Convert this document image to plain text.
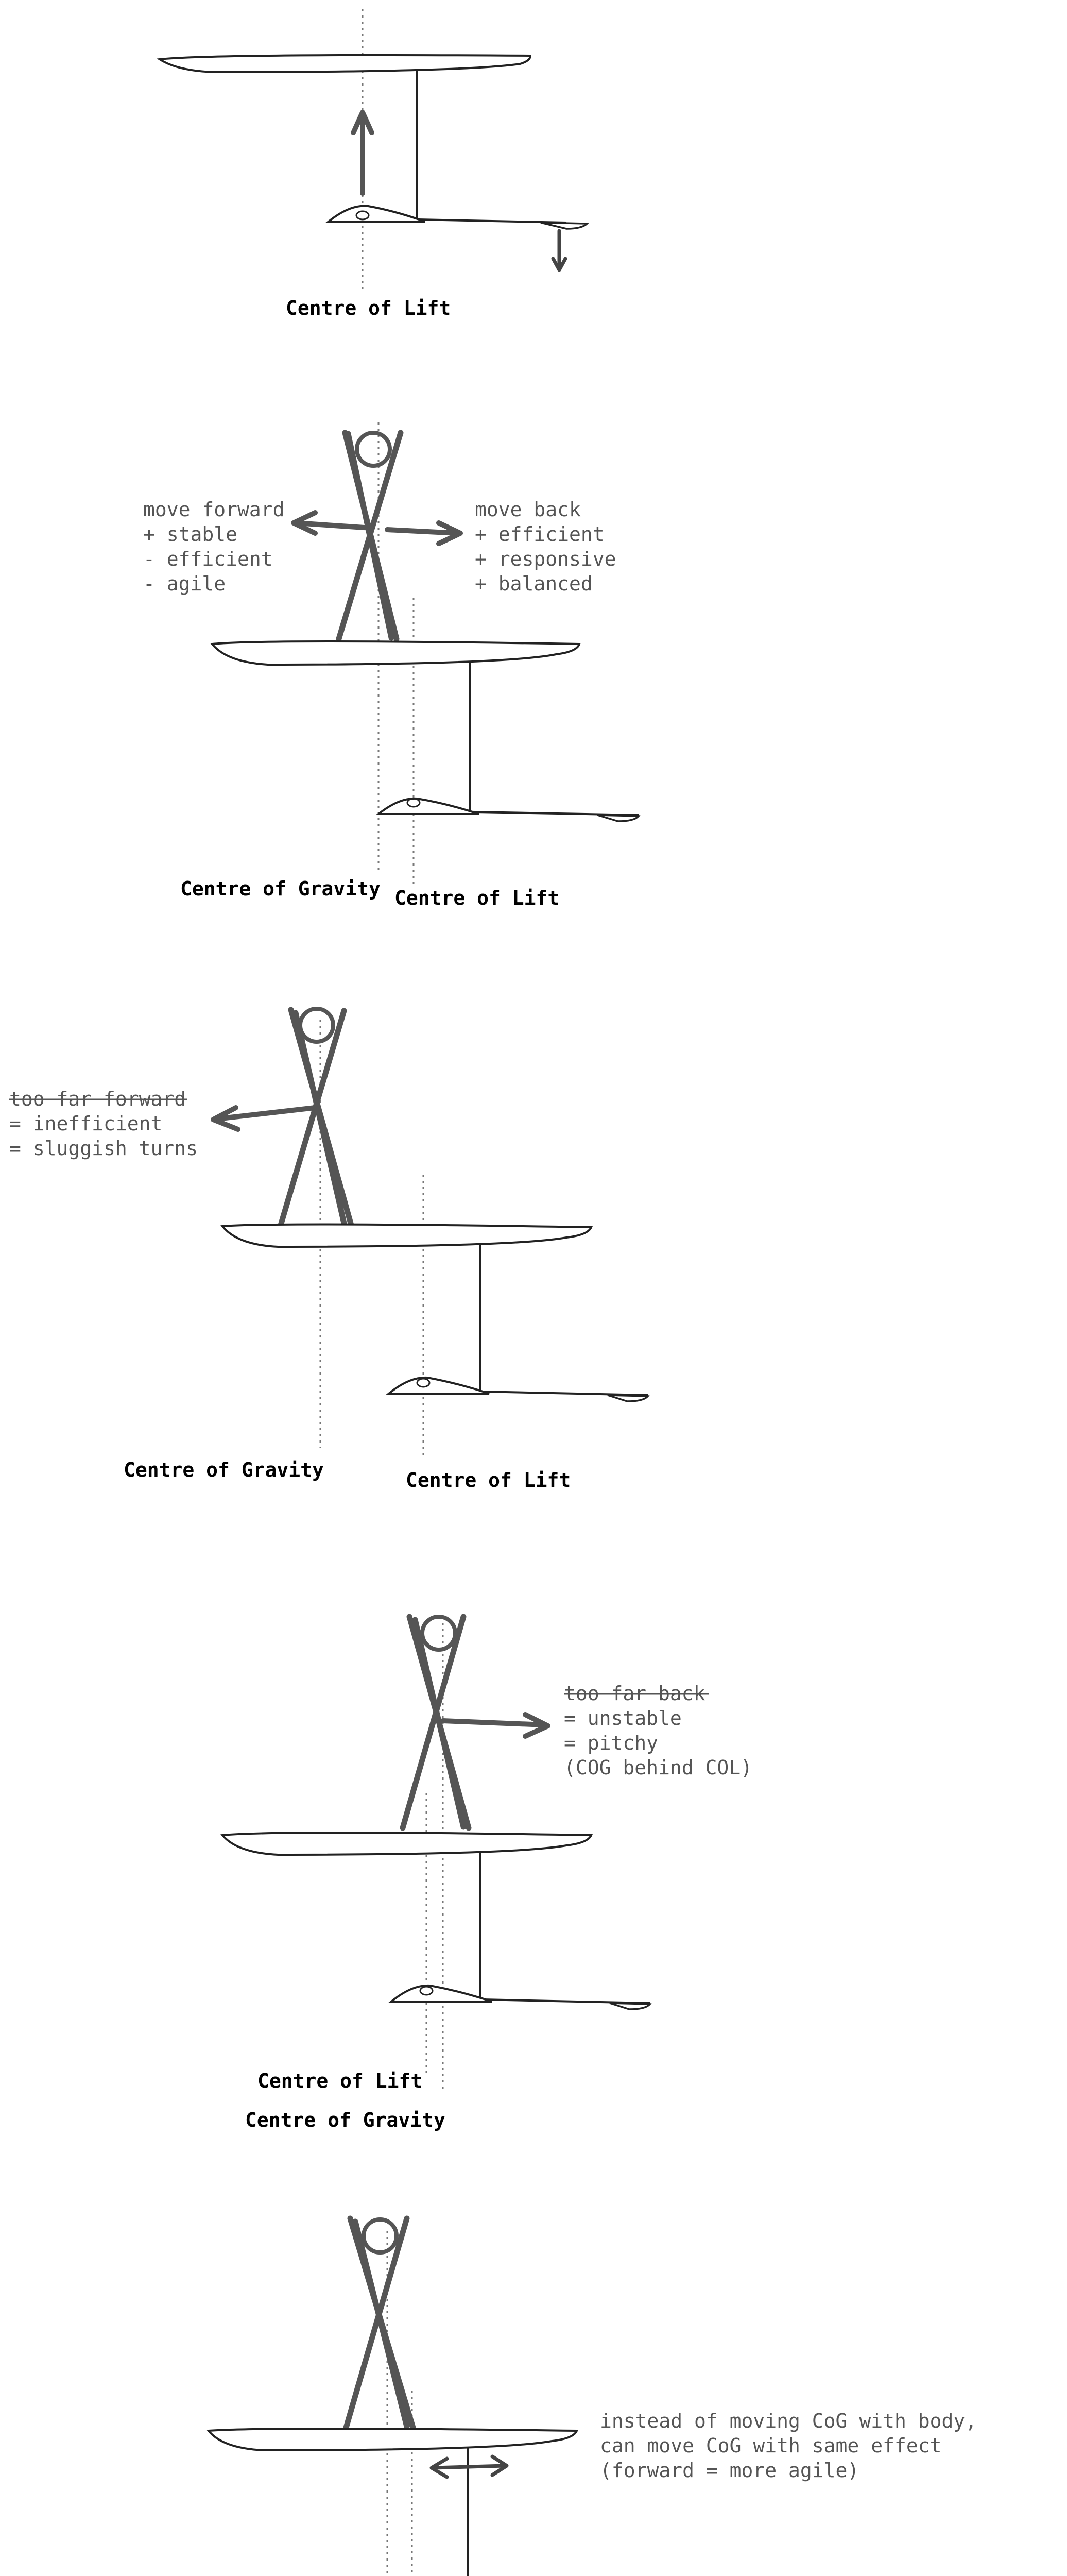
Centre of Lift
move forward
+ stable
- efficient
- agile
move back
+ efficient
+ responsive
+ balanced
Centre of Gravity Centre of Lift
too far forward
= inefficient
= sluggish turns
Centre of Gravity	Centre of Lift
too far back
= unstable
= pitchy
(COG behind COL)
Centre of Lift
Centre of Gravity
instead of moving CoG with body,
can move CoG with same effect
(forward = more agile)
